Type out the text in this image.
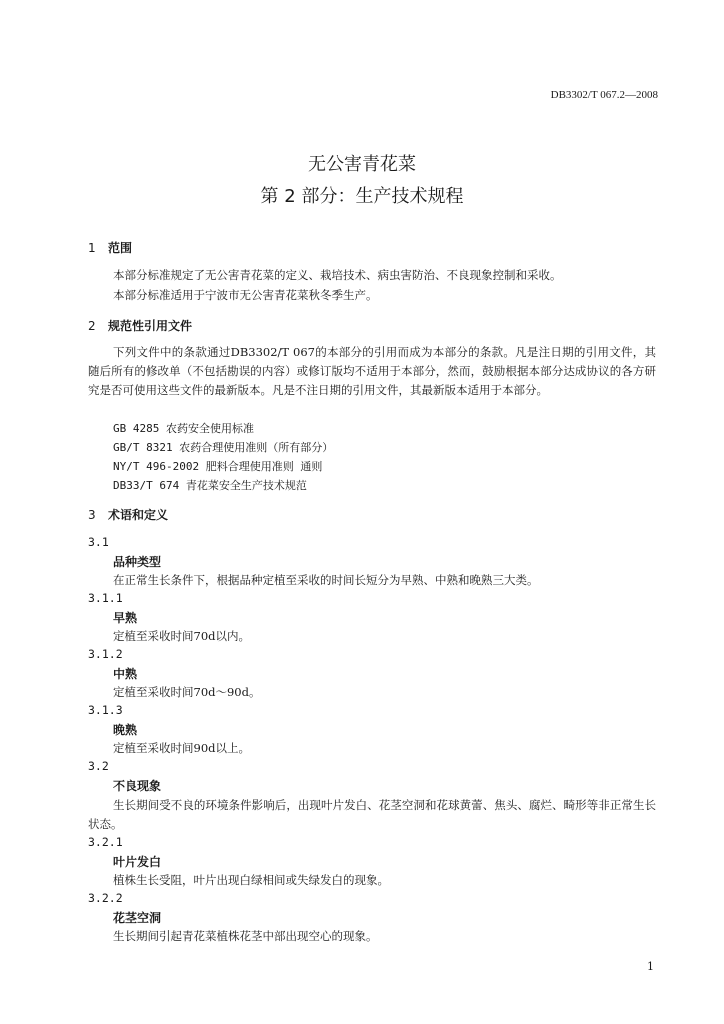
DB3302/T 067.2—2008
无公害青花菜
第 2 部分：生产技术规程
1 范围
本部分标准规定了无公害青花菜的定义、栽培技术、病虫害防治、不良现象控制和采收。
本部分标准适用于宁波市无公害青花菜秋冬季生产。
2 规范性引用文件
下列文件中的条款通过DB3302/T 067的本部分的引用而成为本部分的条款。凡是注日期的引用文件，其随后所有的修改单（不包括勘误的内容）或修订版均不适用于本部分，然而，鼓励根据本部分达成协议的各方研究是否可使用这些文件的最新版本。凡是不注日期的引用文件，其最新版本适用于本部分。
GB 4285 农药安全使用标准
GB/T 8321 农药合理使用准则（所有部分）
NY/T 496-2002 肥料合理使用准则 通则
DB33/T 674 青花菜安全生产技术规范
3 术语和定义
3.1
品种类型
在正常生长条件下，根据品种定植至采收的时间长短分为早熟、中熟和晚熟三大类。
3.1.1
早熟
定植至采收时间70d以内。
3.1.2
中熟
定植至采收时间70d～90d。
3.1.3
晚熟
定植至采收时间90d以上。
3.2
不良现象
生长期间受不良的环境条件影响后，出现叶片发白、花茎空洞和花球黄蕾、焦头、腐烂、畸形等非正常生长状态。
3.2.1
叶片发白
植株生长受阻，叶片出现白绿相间或失绿发白的现象。
3.2.2
花茎空洞
生长期间引起青花菜植株花茎中部出现空心的现象。
1
